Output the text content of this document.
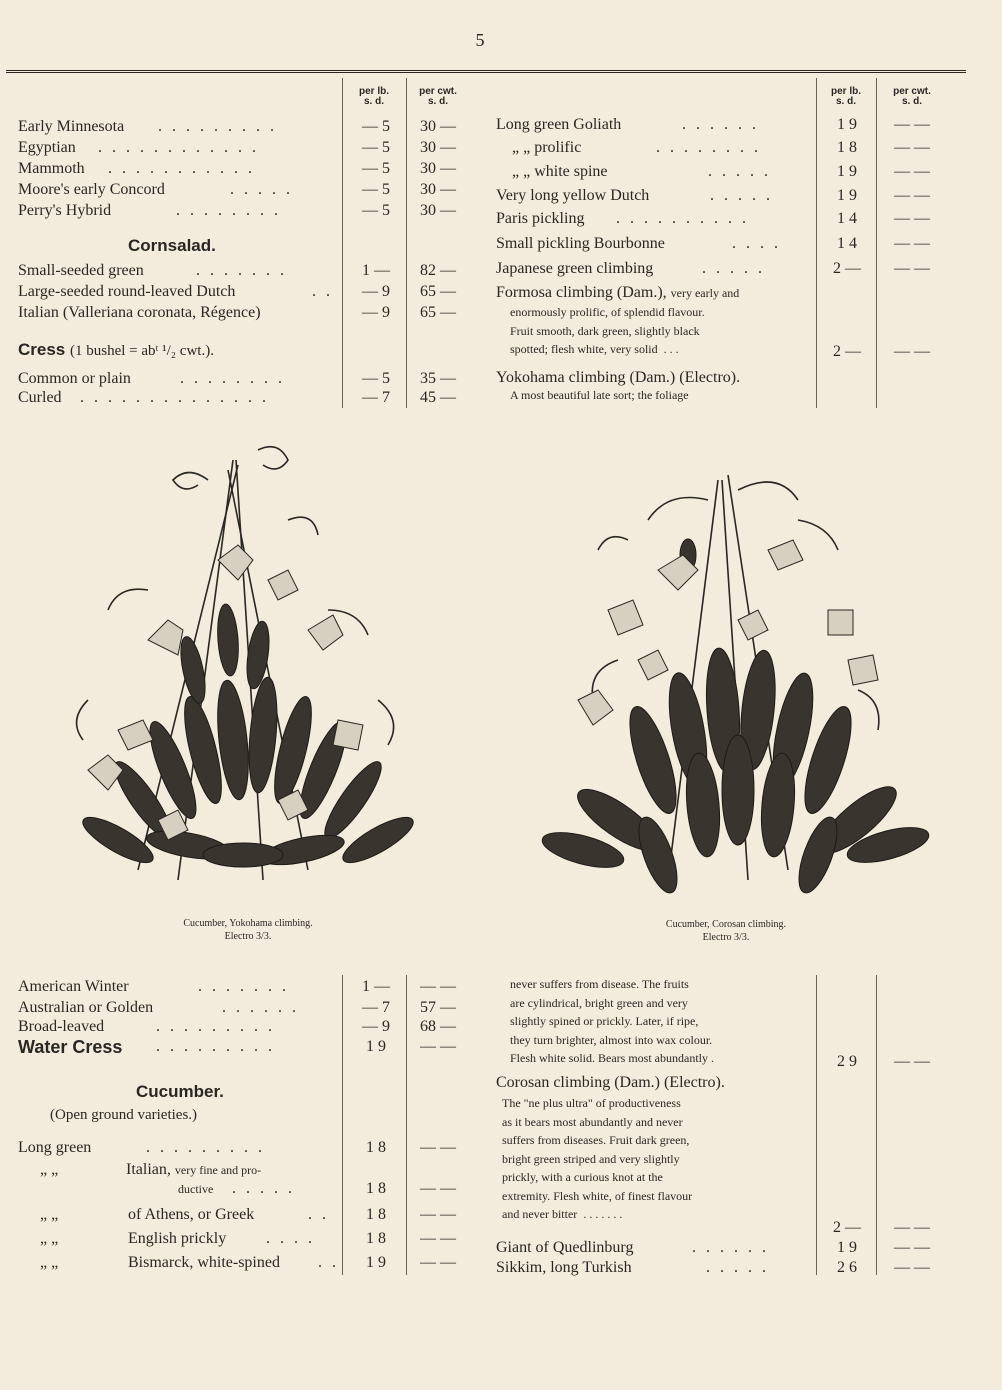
5
per lb.
s. d.
per cwt.
s. d.
Early Minnesota . . . . . . . . .	— 5	30 —
Egyptian . . . . . . . . . . . .	— 5	30 —
Mammoth . . . . . . . . . . .	— 5	30 —
Moore's early Concord	. . . . .	— 5	30 —
Perry's Hybrid	. . . . . . . .	— 5	30 —
Cornsalad.
Small-seeded green	. . . . . . .	1 —	82 —
Large-seeded round-leaved Dutch	. .	— 9	65 —
Italian (Valleriana coronata, Régence)	— 9	65 —
Cress (1 bushel = abᵗ ¹/₂ cwt.).
Common or plain	. . . . . . . .	— 5	35 —
Curled . . . . . . . . . . . . . .	— 7	45 —
Cucumber, Yokohama climbing.
Electro 3/3.
American Winter	. . . . . . .	1 —	— —
Australian or Golden	. . . . . .	— 7	57 —
Broad-leaved	. . . . . . . . .	— 9	68 —
Water Cress . . . . . . . . .	1 9	— —
Cucumber.
(Open ground varieties.)
Long green	. . . . . . . . .	1 8	— —
„ „	Italian, very fine and pro-
ductive . . . . .	1 8	— —
„ „	of Athens, or Greek	. .	1 8	— —
„ „	English prickly . . . .	1 8	— —
„ „	Bismarck, white-spined . .	1 9	— —
per lb.
s. d.
per cwt.
s. d.
Long green Goliath	. . . . . .	1 9	— —
„ „ prolific	. . . . . . . .	1 8	— —
„ „ white spine	. . . . .	1 9	— —
Very long yellow Dutch	. . . . .	1 9	— —
Paris pickling . . . . . . . . . .	1 4	— —
Small pickling Bourbonne	. . . .	1 4	— —
Japanese green climbing	. . . . .	2 —	— —
Formosa climbing (Dam.), very early and
enormously prolific, of splendid flavour.
Fruit smooth, dark green, slightly black
spotted; flesh white, very solid  . . .	2 —	— —
Yokohama climbing (Dam.) (Electro).
A most beautiful late sort; the foliage
Cucumber, Corosan climbing.
Electro 3/3.
never suffers from disease. The fruits
are cylindrical, bright green and very
slightly spined or prickly. Later, if ripe,
they turn brighter, almost into wax colour.
Flesh white solid. Bears most abundantly .	2 9	— —
Corosan climbing (Dam.) (Electro).
The "ne plus ultra" of productiveness
as it bears most abundantly and never
suffers from diseases. Fruit dark green,
bright green striped and very slightly
prickly, with a curious knot at the
extremity. Flesh white, of finest flavour
and never bitter  . . . . . . .
2 —	— —
Giant of Quedlinburg	. . . . . .	1 9	— —
Sikkim, long Turkish	. . . . .	2 6	— —
